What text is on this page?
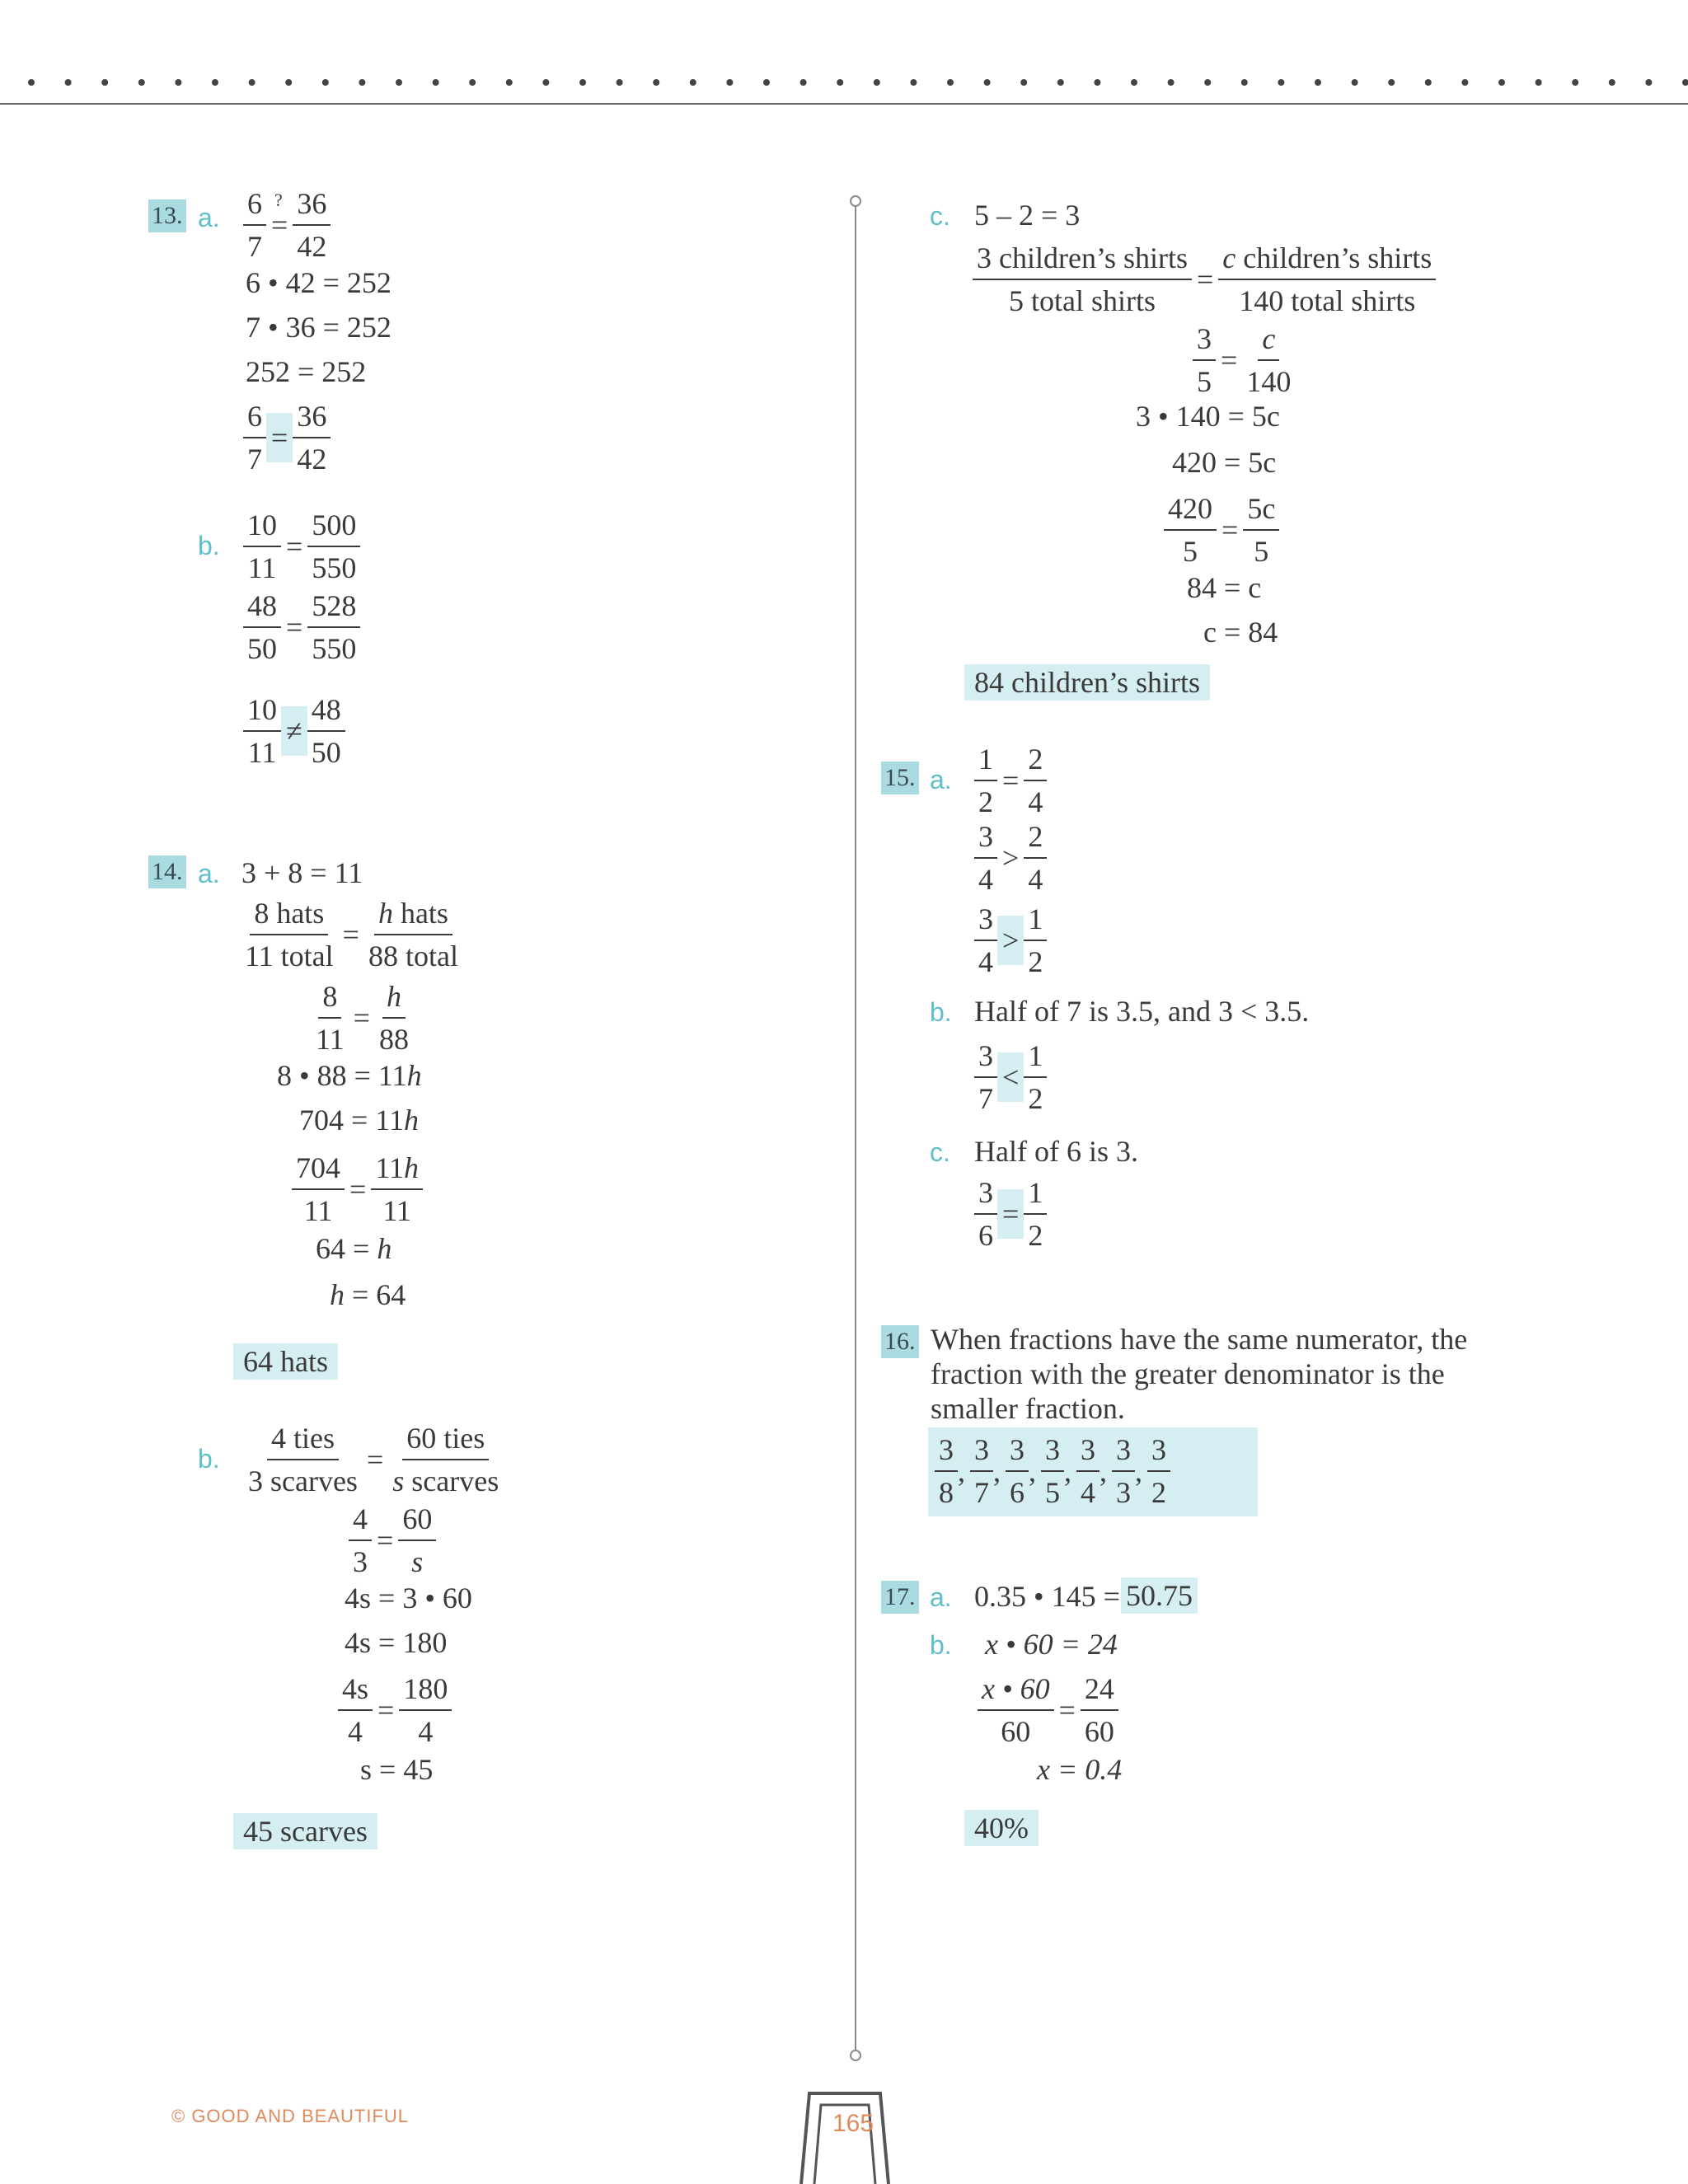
13. a. $\frac{6}{7}$ ?
= $\frac{36}{42}$
6 • 42 = 252
7 • 36 = 252
252 = 252
$\frac{6}{7} = \frac{36}{42}$
b. $\frac{10}{11} = \frac{500}{550}$
$\frac{48}{50} = \frac{528}{550}$
$\frac{10}{11} \ne \frac{48}{50}$
14. a. 3 + 8 = 11
$\frac{\text{8 hats}}{\text{11 total}} = \frac{\text{h hats}}{\text{88 total}}$
$\frac{8}{11} = \frac{h}{88}$
8 • 88 = 11h
704 = 11h
$\frac{704}{11} = \frac{11h}{11}$
64 = h
h = 64
64 hats
b. $\frac{\text{4 ties}}{\text{3 scarves}} = \frac{\text{60 ties}}{\text{s scarves}}$
$\frac{4}{3} = \frac{60}{s}$
4s = 3 • 60
4s = 180
$\frac{4s}{4} = \frac{180}{4}$
s = 45
45 scarves
c. 5 – 2 = 3
$\frac{\text{3 children’s shirts}}{\text{5 total shirts}} = \frac{\text{c children’s shirts}}{\text{140 total shirts}}$
$\frac{3}{5} = \frac{c}{140}$
3 • 140 = 5c
420 = 5c
$\frac{420}{5} = \frac{5c}{5}$
84 = c
c = 84
84 children’s shirts
15. a. $\frac{1}{2} = \frac{2}{4}$
$\frac{3}{4} > \frac{2}{4}$
$\frac{3}{4} > \frac{1}{2}$
b. Half of 7 is 3.5, and 3 < 3.5.
$\frac{3}{7} < \frac{1}{2}$
c. Half of 6 is 3.
$\frac{3}{6} = \frac{1}{2}$
16. When fractions have the same numerator, the
fraction with the greater denominator is the
smaller fraction.
$\frac{3}{8}$ , $\frac{3}{7}$ , $\frac{3}{6}$ , $\frac{3}{5}$ , $\frac{3}{4}$ , $\frac{3}{3}$ , $\frac{3}{2}$
17. a. 0.35 • 145 = 50.75
b. x • 60 = 24
$\frac{x • 60}{60} = \frac{24}{60}$
x = 0.4
40%
© GOOD AND BEAUTIFUL	165
